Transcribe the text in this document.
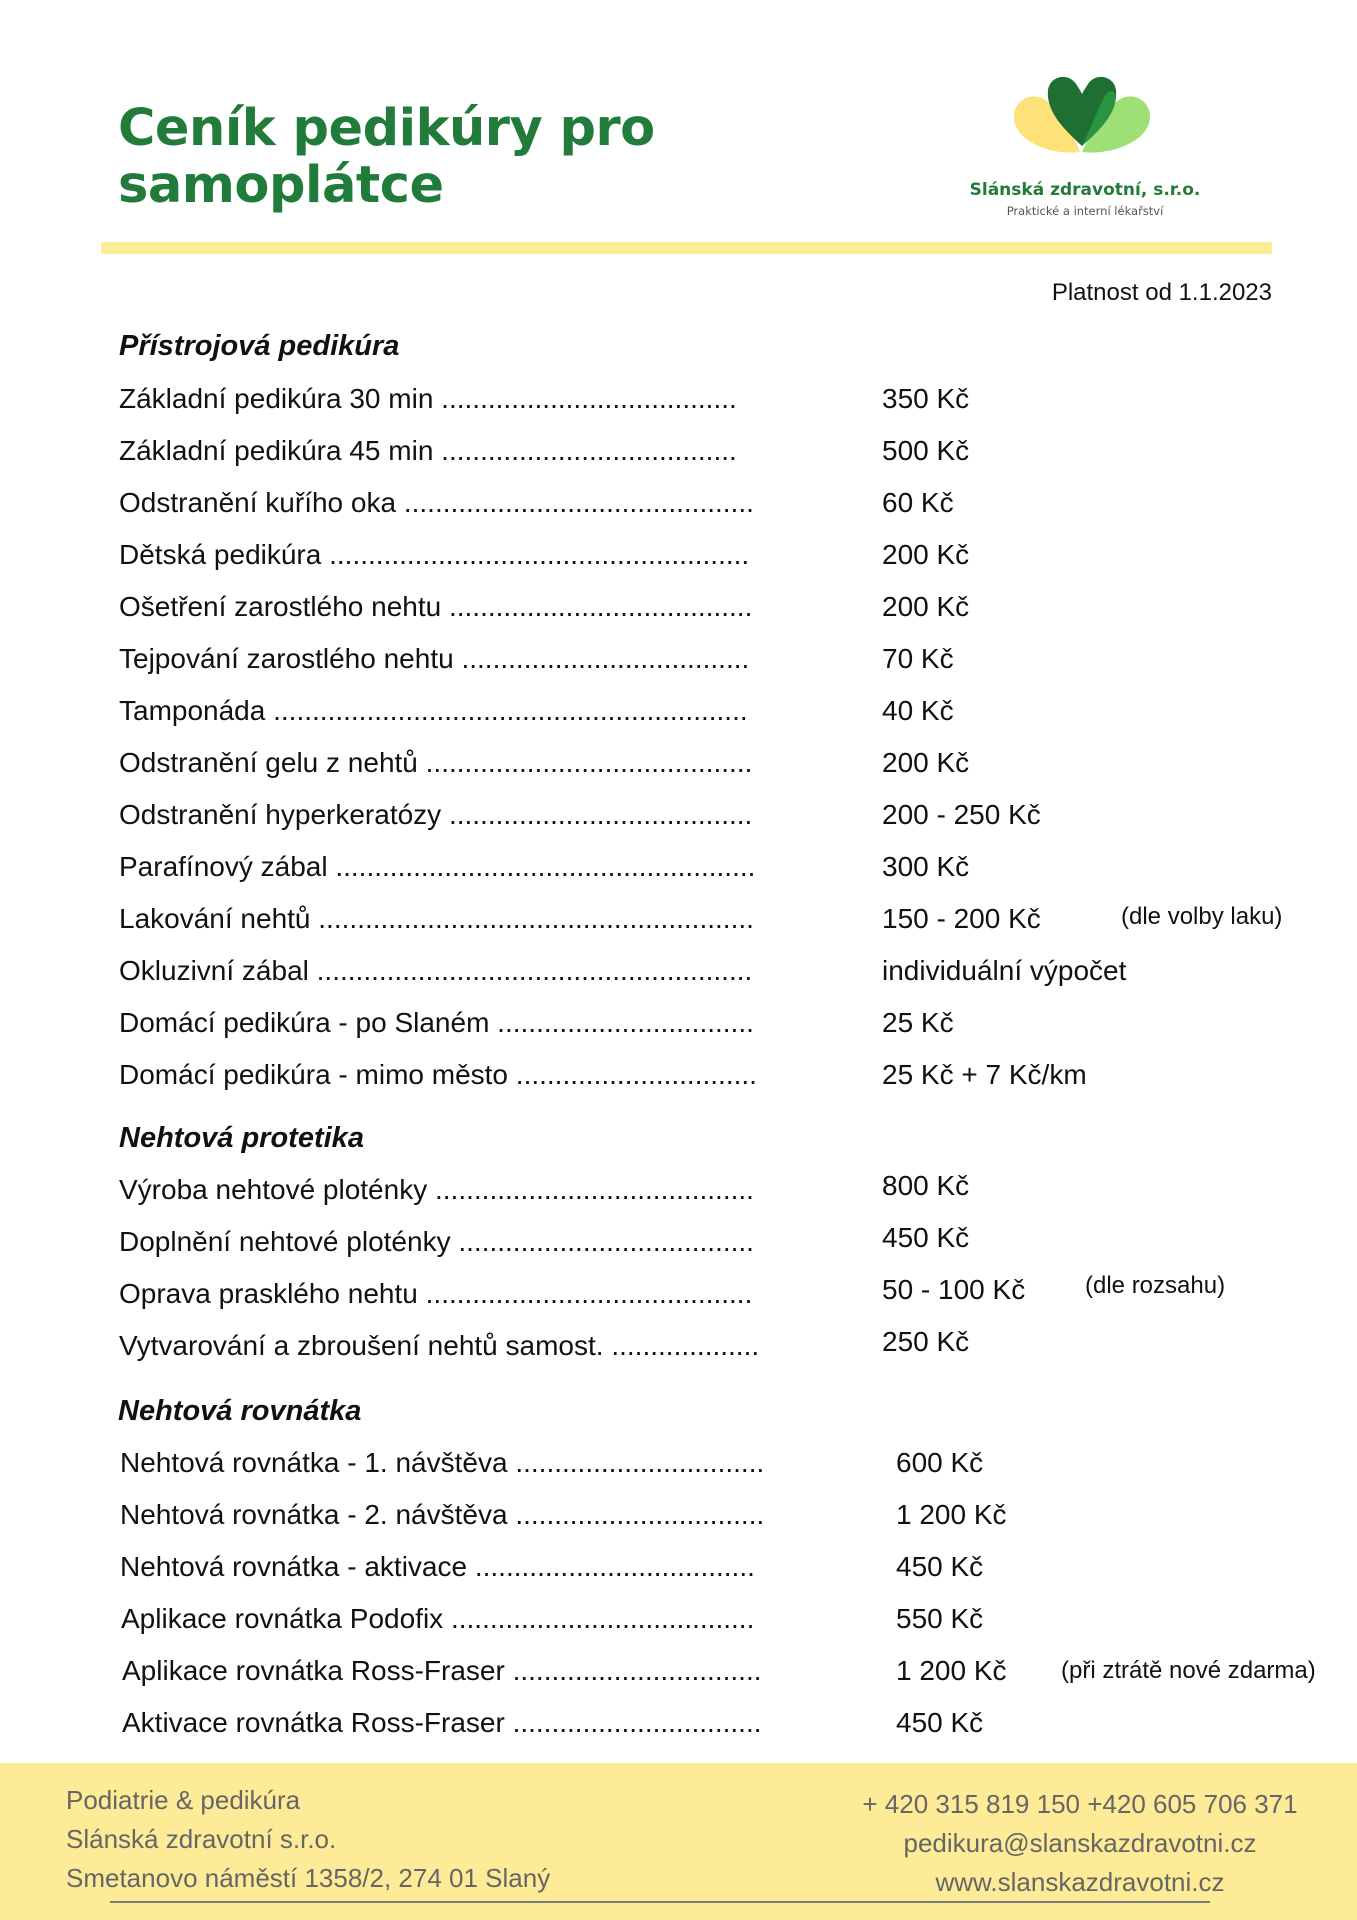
Ceník pedikúry pro
samoplátce	Slánská zdravotní, s.r.o.
Praktické a interní lékařství
Platnost od 1.1.2023
Přístrojová pedikúra
Základní pedikúra 30 min ......................................	350 Kč
Základní pedikúra 45 min ......................................	500 Kč
Odstranění kuřího oka .............................................	60 Kč
Dětská pedikúra ......................................................	200 Kč
Ošetření zarostlého nehtu .......................................	200 Kč
Tejpování zarostlého nehtu .....................................	70 Kč
Tamponáda .............................................................	40 Kč
Odstranění gelu z nehtů ..........................................	200 Kč
Odstranění hyperkeratózy .......................................	200 - 250 Kč
Parafínový zábal ......................................................	300 Kč
Lakování nehtů ........................................................	150 - 200 Kč	(dle volby laku)
Okluzivní zábal ........................................................	individuální výpočet
Domácí pedikúra - po Slaném .................................	25 Kč
Domácí pedikúra - mimo město ...............................	25 Kč + 7 Kč/km
Nehtová protetika
Výroba nehtové ploténky .........................................	800 Kč
Doplnění nehtové ploténky ......................................	450 Kč
Oprava prasklého nehtu ..........................................	50 - 100 Kč (dle rozsahu)
Vytvarování a zbroušení nehtů samost. ...................	250 Kč
Nehtová rovnátka
Nehtová rovnátka - 1. návštěva ................................	600 Kč
Nehtová rovnátka - 2. návštěva ................................	1 200 Kč
Nehtová rovnátka - aktivace ....................................	450 Kč
Aplikace rovnátka Podofix .......................................	550 Kč
Aplikace rovnátka Ross-Fraser ................................	1 200 Kč (při ztrátě nové zdarma)
Aktivace rovnátka Ross-Fraser ................................	450 Kč
Podiatrie & pedikúra
Slánská zdravotní s.r.o.
Smetanovo náměstí 1358/2, 274 01 Slaný
+ 420 315 819 150 +420 605 706 371
pedikura@slanskazdravotni.cz
www.slanskazdravotni.cz
